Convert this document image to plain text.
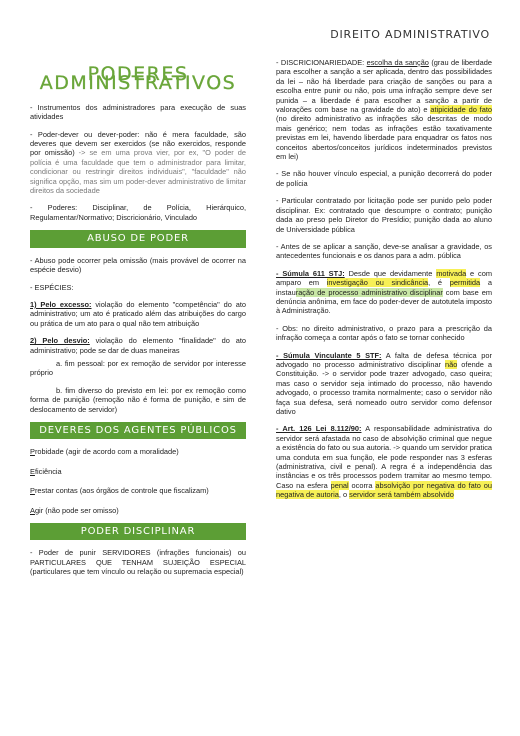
DIREITO ADMINISTRATIVO
PODERES ADMINISTRATIVOS

- Instrumentos dos administradores para execução de suas atividades

- Poder-dever ou dever-poder: não é mera faculdade, são deveres que devem ser exercidos (se não exercidos, responde por omissão) -> se em uma prova vier, por ex, "O poder de polícia é uma faculdade que tem o administrador para limitar, condicionar ou restringir direitos individuais", "faculdade" não significa opção, mas sim um poder-dever administrativo de limitar direitos da sociedade

- Poderes: Disciplinar, de Polícia, Hierárquico, Regulamentar/Normativo; Discricionário, Vinculado

ABUSO DE PODER

- Abuso pode ocorrer pela omissão (mais provável de ocorrer na espécie desvio)

- ESPÉCIES:

1) Pelo excesso: violação do elemento "competência" do ato administrativo; um ato é praticado além das atribuições do cargo ou prática de um ato para o qual não tem atribuição

2) Pelo desvio: violação do elemento "finalidade" do ato administrativo; pode se dar de duas maneiras

a. fim pessoal: por ex remoção de servidor por interesse próprio

b. fim diverso do previsto em lei: por ex remoção como forma de punição (remoção não é forma de punição, e sim de deslocamento de servidor)

DEVERES DOS AGENTES PÚBLICOS

Probidade (agir de acordo com a moralidade)

Eficiência

Prestar contas (aos órgãos de controle que fiscalizam)

Agir (não pode ser omisso)

PODER DISCIPLINAR

- Poder de punir SERVIDORES (infrações funcionais) ou PARTICULARES QUE TENHAM SUJEIÇÃO ESPECIAL (particulares que tem vínculo ou relação ou supremacia especial)

- DISCRICIONARIEDADE: escolha da sanção (grau de liberdade para escolher a sanção a ser aplicada, dentro das possibilidades da lei – não há liberdade para criação de sanções ou para a escolha entre punir ou não, pois uma infração sempre deve ser punida – a liberdade é para escolher a sanção a partir de valorações com base na gravidade do ato) e atipicidade do fato (no direito administrativo as infrações são descritas de modo mais genérico; nem todas as infrações estão taxativamente previstas em lei, havendo liberdade para enquadrar os fatos nos conceitos abertos/conceitos jurídicos indeterminados previstos em lei)

- Se não houver vínculo especial, a punição decorrerá do poder de polícia

- Particular contratado por licitação pode ser punido pelo poder disciplinar. Ex: contratado que descumpre o contrato; punição dada ao preso pelo Diretor do Presídio; punição dada ao aluno de Universidade pública

- Antes de se aplicar a sanção, deve-se analisar a gravidade, os antecedentes funcionais e os danos para a adm. pública

- Súmula 611 STJ: Desde que devidamente motivada e com amparo em investigação ou sindicância, é permitida a instauração de processo administrativo disciplinar com base em denúncia anônima, em face do poder-dever de autotutela imposto à Administração.

- Obs: no direito administrativo, o prazo para a prescrição da infração começa a contar após o fato se tornar conhecido

- Súmula Vinculante 5 STF: A falta de defesa técnica por advogado no processo administrativo disciplinar não ofende a Constituição. -> o servidor pode trazer advogado, caso queira; mas caso o servidor seja intimado do processo, não havendo advogado, o processo tramita normalmente; caso o servidor não faça sua defesa, será nomeado outro servidor como defensor dativo

- Art. 126 Lei 8.112/90: A responsabilidade administrativa do servidor será afastada no caso de absolvição criminal que negue a existência do fato ou sua autoria. -> quando um servidor pratica uma conduta em sua função, ele pode responder nas 3 esferas (administrativa, civil e penal). A regra é a independência das instâncias e os três processos podem tramitar ao mesmo tempo. Caso na esfera penal ocorra absolvição por negativa do fato ou negativa de autoria, o servidor será também absolvido
